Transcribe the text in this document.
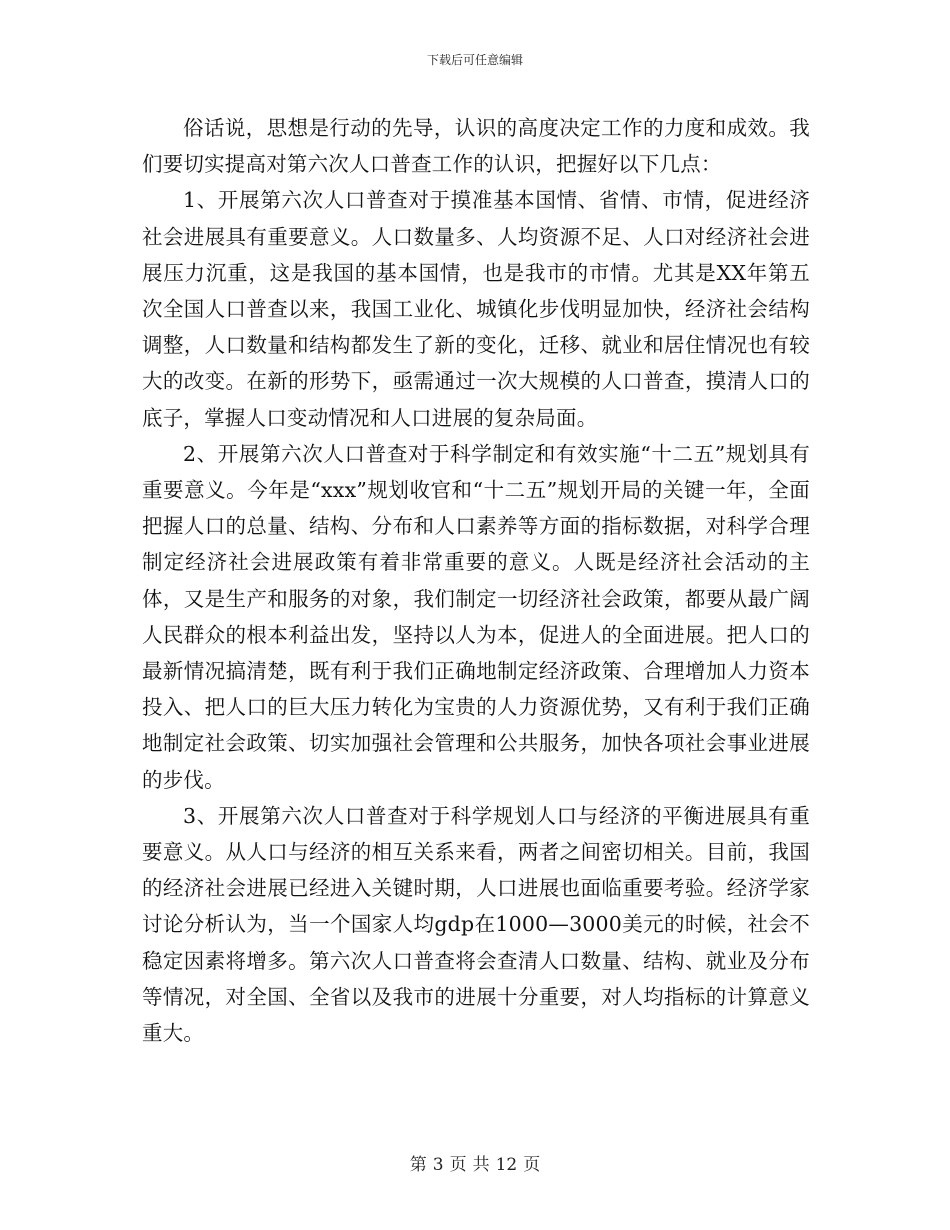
下载后可任意编辑

俗话说，思想是行动的先导，认识的高度决定工作的力度和成效。我们要切实提高对第六次人口普查工作的认识，把握好以下几点：

1、开展第六次人口普查对于摸准基本国情、省情、市情，促进经济社会进展具有重要意义。人口数量多、人均资源不足、人口对经济社会进展压力沉重，这是我国的基本国情，也是我市的市情。尤其是XX年第五次全国人口普查以来，我国工业化、城镇化步伐明显加快，经济社会结构调整，人口数量和结构都发生了新的变化，迁移、就业和居住情况也有较大的改变。在新的形势下，亟需通过一次大规模的人口普查，摸清人口的底子，掌握人口变动情况和人口进展的复杂局面。

2、开展第六次人口普查对于科学制定和有效实施“十二五”规划具有重要意义。今年是“xxx”规划收官和“十二五”规划开局的关键一年，全面把握人口的总量、结构、分布和人口素养等方面的指标数据，对科学合理制定经济社会进展政策有着非常重要的意义。人既是经济社会活动的主体，又是生产和服务的对象，我们制定一切经济社会政策，都要从最广阔人民群众的根本利益出发，坚持以人为本，促进人的全面进展。把人口的最新情况搞清楚，既有利于我们正确地制定经济政策、合理增加人力资本投入、把人口的巨大压力转化为宝贵的人力资源优势，又有利于我们正确地制定社会政策、切实加强社会管理和公共服务，加快各项社会事业进展的步伐。

3、开展第六次人口普查对于科学规划人口与经济的平衡进展具有重要意义。从人口与经济的相互关系来看，两者之间密切相关。目前，我国的经济社会进展已经进入关键时期，人口进展也面临重要考验。经济学家讨论分析认为，当一个国家人均gdp在1000—3000美元的时候，社会不稳定因素将增多。第六次人口普查将会查清人口数量、结构、就业及分布等情况，对全国、全省以及我市的进展十分重要，对人均指标的计算意义重大。

第 3 页 共 12 页
